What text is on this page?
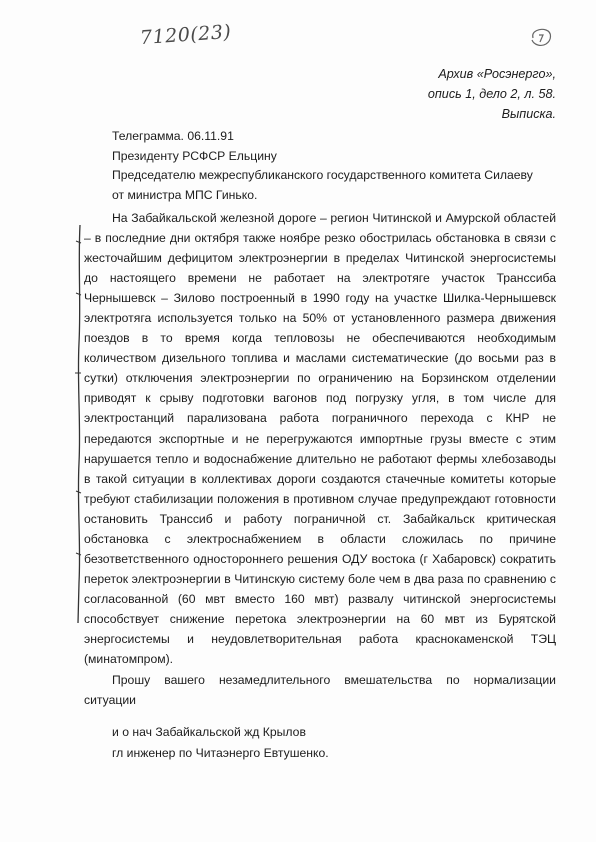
7120(23)
Архив «Росэнерго»,
опись 1, дело 2, л. 58.
Выписка.
Телеграмма. 06.11.91
Президенту РСФСР Ельцину
Председателю межреспубликанского государственного комитета Силаеву
от министра МПС Гинько.

На Забайкальской железной дороге – регион Читинской и Амурской областей – в последние дни октября также ноябре резко обострилась обстановка в связи с жесточайшим дефицитом электроэнергии в пределах Читинской энергосистемы до настоящего времени не работает на электротяге участок Транссиба Чернышевск – Зилово построенный в 1990 году на участке Шилка-Чернышевск электротяга используется только на 50% от установленного размера движения поездов в то время когда тепловозы не обеспечиваются необходимым количеством дизельного топлива и маслами систематические (до восьми раз в сутки) отключения электроэнергии по ограничению на Борзинском отделении приводят к срыву подготовки вагонов под погрузку угля, в том числе для электростанций парализована работа пограничного перехода с КНР не передаются экспортные и не перегружаются импортные грузы вместе с этим нарушается тепло и водоснабжение длительно не работают фермы хлебозаводы в такой ситуации в коллективах дороги создаются стачечные комитеты которые требуют стабилизации положения в противном случае предупреждают готовности остановить Транссиб и работу пограничной ст. Забайкальск критическая обстановка с электроснабжением в области сложилась по причине безответственного одностороннего решения ОДУ востока (г Хабаровск) сократить переток электроэнергии в Читинскую систему боле чем в два раза по сравнению с согласованной (60 мвт вместо 160 мвт) развалу читинской энергосистемы способствует снижение перетока электроэнергии на 60 мвт из Бурятской энергосистемы и неудовлетворительная работа краснокаменской ТЭЦ (минатомпром).

Прошу вашего незамедлительного вмешательства по нормализации ситуации

и о нач Забайкальской жд Крылов
гл инженер по Читаэнерго Евтушенко.
